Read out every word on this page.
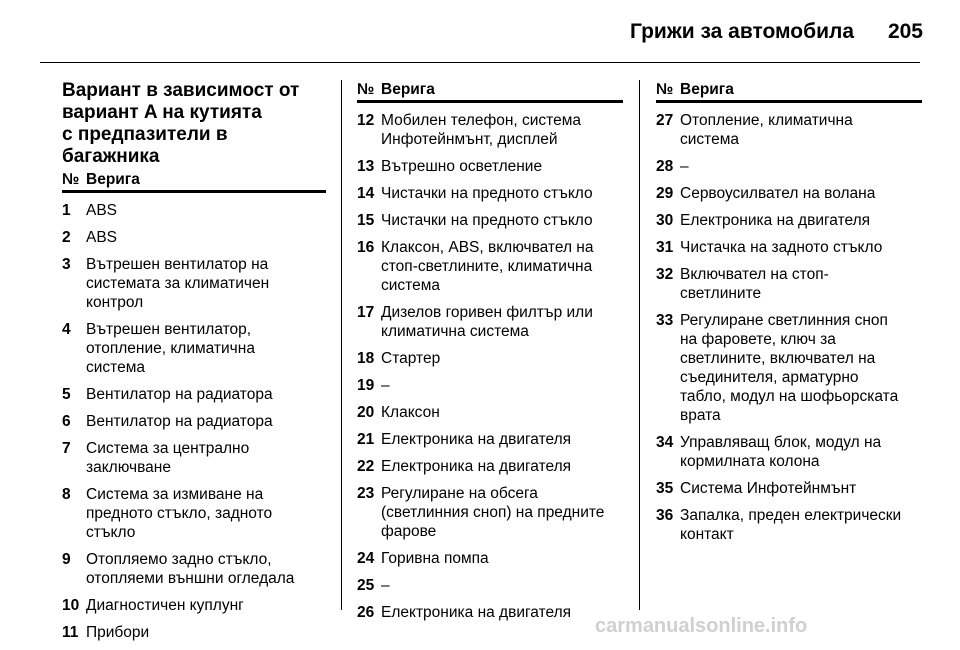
Грижи за автомобила	205
Вариант в зависимост от
вариант A на кутията
с предпазители в багажника
№ Верига
1 ABS
2 ABS
3 Вътрешен вентилатор на
системата за климатичен
контрол
4 Вътрешен вентилатор,
отопление, климатична
система
5 Вентилатор на радиатора
6 Вентилатор на радиатора
7 Система за централно
заключване
8 Система за измиване на
предното стъкло, задното
стъкло
9 Отопляемо задно стъкло,
отопляеми външни огледала
10 Диагностичен куплунг
11 Прибори
№ Верига
12 Мобилен телефон, система
Инфотейнмънт, дисплей
13 Вътрешно осветление
14 Чистачки на предното стъкло
15 Чистачки на предното стъкло
16 Клаксон, ABS, включвател на
стоп-светлините, климатична
система
17 Дизелов горивен филтър или
климатична система
18 Стартер
19 –
20 Клаксон
21 Електроника на двигателя
22 Електроника на двигателя
23 Регулиране на обсега
(светлинния сноп) на предните
фарове
24 Горивна помпа
25 –
26 Електроника на двигателя
№ Верига
27 Отопление, климатична
система
28 –
29 Сервоусилвател на волана
30 Електроника на двигателя
31 Чистачка на задното стъкло
32 Включвател на стоп-
светлините
33 Регулиране светлинния сноп
на фаровете, ключ за
светлините, включвател на
съединителя, арматурно
табло, модул на шофьорската
врата
34 Управляващ блок, модул на
кормилната колона
35 Система Инфотейнмънт
36 Запалка, преден електрически
контакт
carmanualsonline.info
